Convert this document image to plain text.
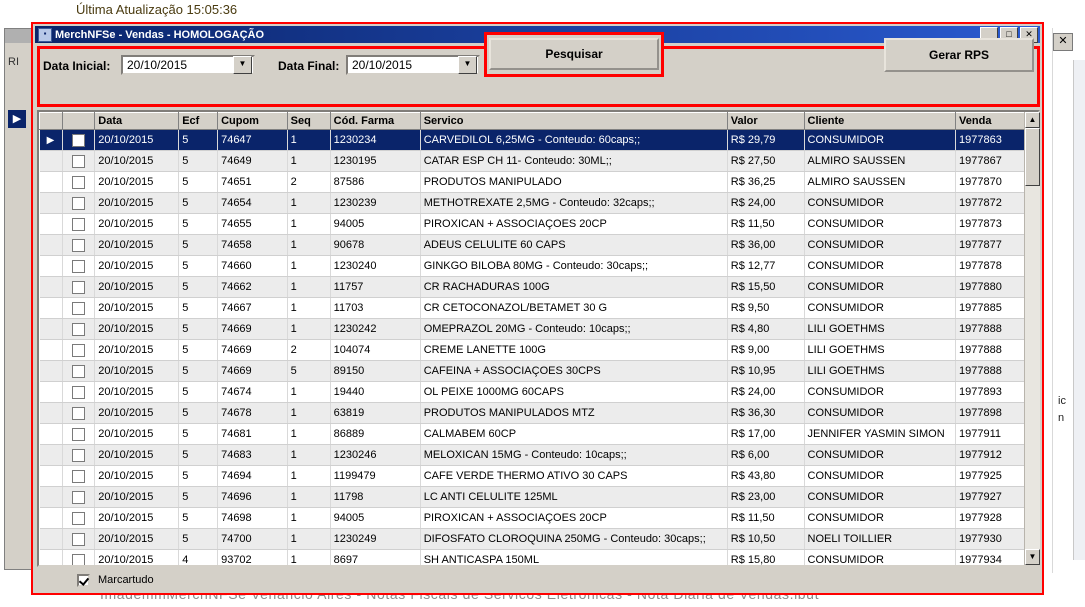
Última Atualização 15:05:36
RI
▶
✕
ic
n
▪ MerchNFSe - Vendas - HOMOLOGAÇÃO	_	□	✕
Data Inicial:	20/10/2015	▼	Data Final:	20/10/2015	▼
Pesquisar	Gerar RPS
		Data	Ecf	Cupom	Seq	Cód. Farma	Servico	Valor	Cliente	Venda
▶		20/10/2015	5	74647	1	1230234	CARVEDILOL 6,25MG - Conteudo: 60caps;;	R$ 29,79	CONSUMIDOR	1977863
		20/10/2015	5	74649	1	1230195	CATAR ESP CH 11- Conteudo: 30ML;;	R$ 27,50	ALMIRO SAUSSEN	1977867
		20/10/2015	5	74651	2	87586	PRODUTOS MANIPULADO	R$ 36,25	ALMIRO SAUSSEN	1977870
		20/10/2015	5	74654	1	1230239	METHOTREXATE 2,5MG - Conteudo: 32caps;;	R$ 24,00	CONSUMIDOR	1977872
		20/10/2015	5	74655	1	94005	PIROXICAN + ASSOCIAÇOES 20CP	R$ 11,50	CONSUMIDOR	1977873
		20/10/2015	5	74658	1	90678	ADEUS CELULITE 60 CAPS	R$ 36,00	CONSUMIDOR	1977877
		20/10/2015	5	74660	1	1230240	GINKGO BILOBA 80MG - Conteudo: 30caps;;	R$ 12,77	CONSUMIDOR	1977878
		20/10/2015	5	74662	1	11757	CR RACHADURAS 100G	R$ 15,50	CONSUMIDOR	1977880
		20/10/2015	5	74667	1	11703	CR CETOCONAZOL/BETAMET 30 G	R$ 9,50	CONSUMIDOR	1977885
		20/10/2015	5	74669	1	1230242	OMEPRAZOL 20MG - Conteudo: 10caps;;	R$ 4,80	LILI GOETHMS	1977888
		20/10/2015	5	74669	2	104074	CREME LANETTE 100G	R$ 9,00	LILI GOETHMS	1977888
		20/10/2015	5	74669	5	89150	CAFEINA + ASSOCIAÇOES 30CPS	R$ 10,95	LILI GOETHMS	1977888
		20/10/2015	5	74674	1	19440	OL PEIXE 1000MG 60CAPS	R$ 24,00	CONSUMIDOR	1977893
		20/10/2015	5	74678	1	63819	PRODUTOS MANIPULADOS MTZ	R$ 36,30	CONSUMIDOR	1977898
		20/10/2015	5	74681	1	86889	CALMABEM 60CP	R$ 17,00	JENNIFER YASMIN SIMON	1977911
		20/10/2015	5	74683	1	1230246	MELOXICAN 15MG - Conteudo: 10caps;;	R$ 6,00	CONSUMIDOR	1977912
		20/10/2015	5	74694	1	1199479	CAFE VERDE THERMO ATIVO 30 CAPS	R$ 43,80	CONSUMIDOR	1977925
		20/10/2015	5	74696	1	11798	LC ANTI CELULITE 125ML	R$ 23,00	CONSUMIDOR	1977927
		20/10/2015	5	74698	1	94005	PIROXICAN + ASSOCIAÇOES 20CP	R$ 11,50	CONSUMIDOR	1977928
		20/10/2015	5	74700	1	1230249	DIFOSFATO CLOROQUINA 250MG - Conteudo: 30caps;;	R$ 10,50	NOELI TOILLIER	1977930
		20/10/2015	4	93702	1	8697	SH ANTICASPA 150ML	R$ 15,80	CONSUMIDOR	1977934
▲
▼
Marcartudo
